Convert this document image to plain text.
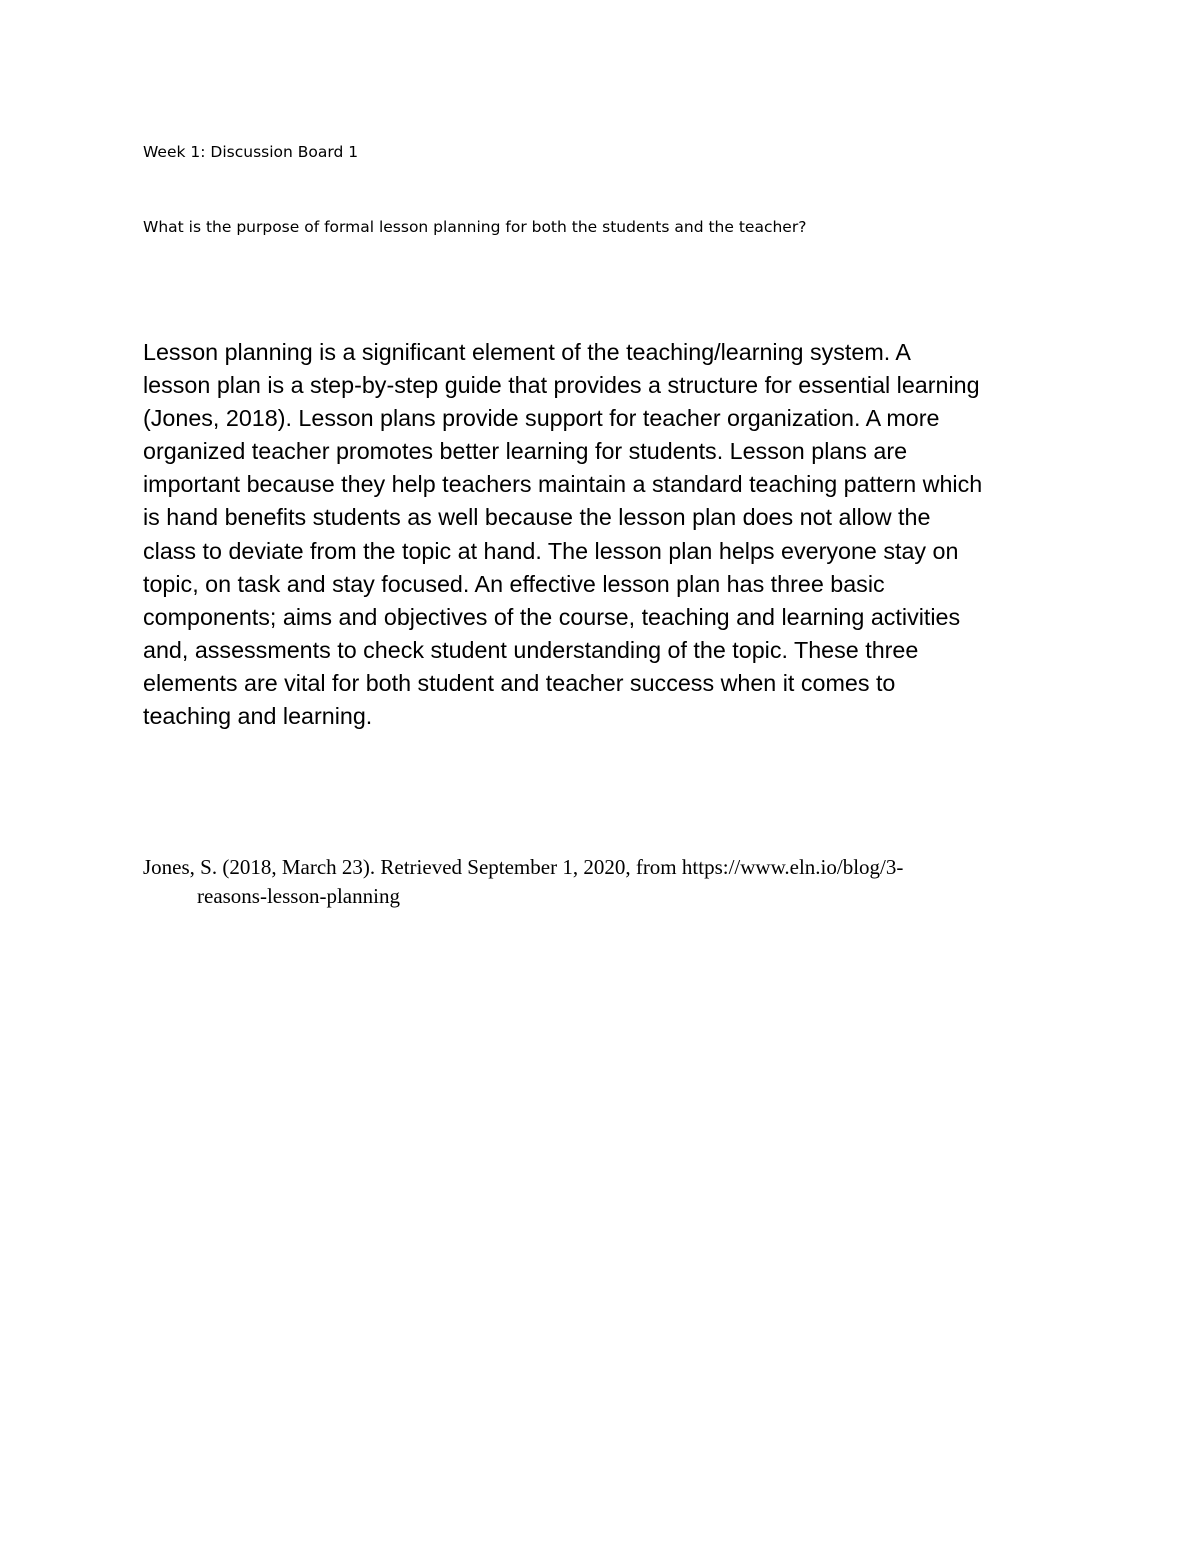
Week 1: Discussion Board 1
What is the purpose of formal lesson planning for both the students and the teacher?
Lesson planning is a significant element of the teaching/learning system. A
lesson plan is a step-by-step guide that provides a structure for essential learning
(Jones, 2018). Lesson plans provide support for teacher organization. A more
organized teacher promotes better learning for students. Lesson plans are
important because they help teachers maintain a standard teaching pattern which
is hand benefits students as well because the lesson plan does not allow the
class to deviate from the topic at hand. The lesson plan helps everyone stay on
topic, on task and stay focused. An effective lesson plan has three basic
components; aims and objectives of the course, teaching and learning activities
and, assessments to check student understanding of the topic. These three
elements are vital for both student and teacher success when it comes to
teaching and learning.
Jones, S. (2018, March 23). Retrieved September 1, 2020, from https://www.eln.io/blog/3-
reasons-lesson-planning
